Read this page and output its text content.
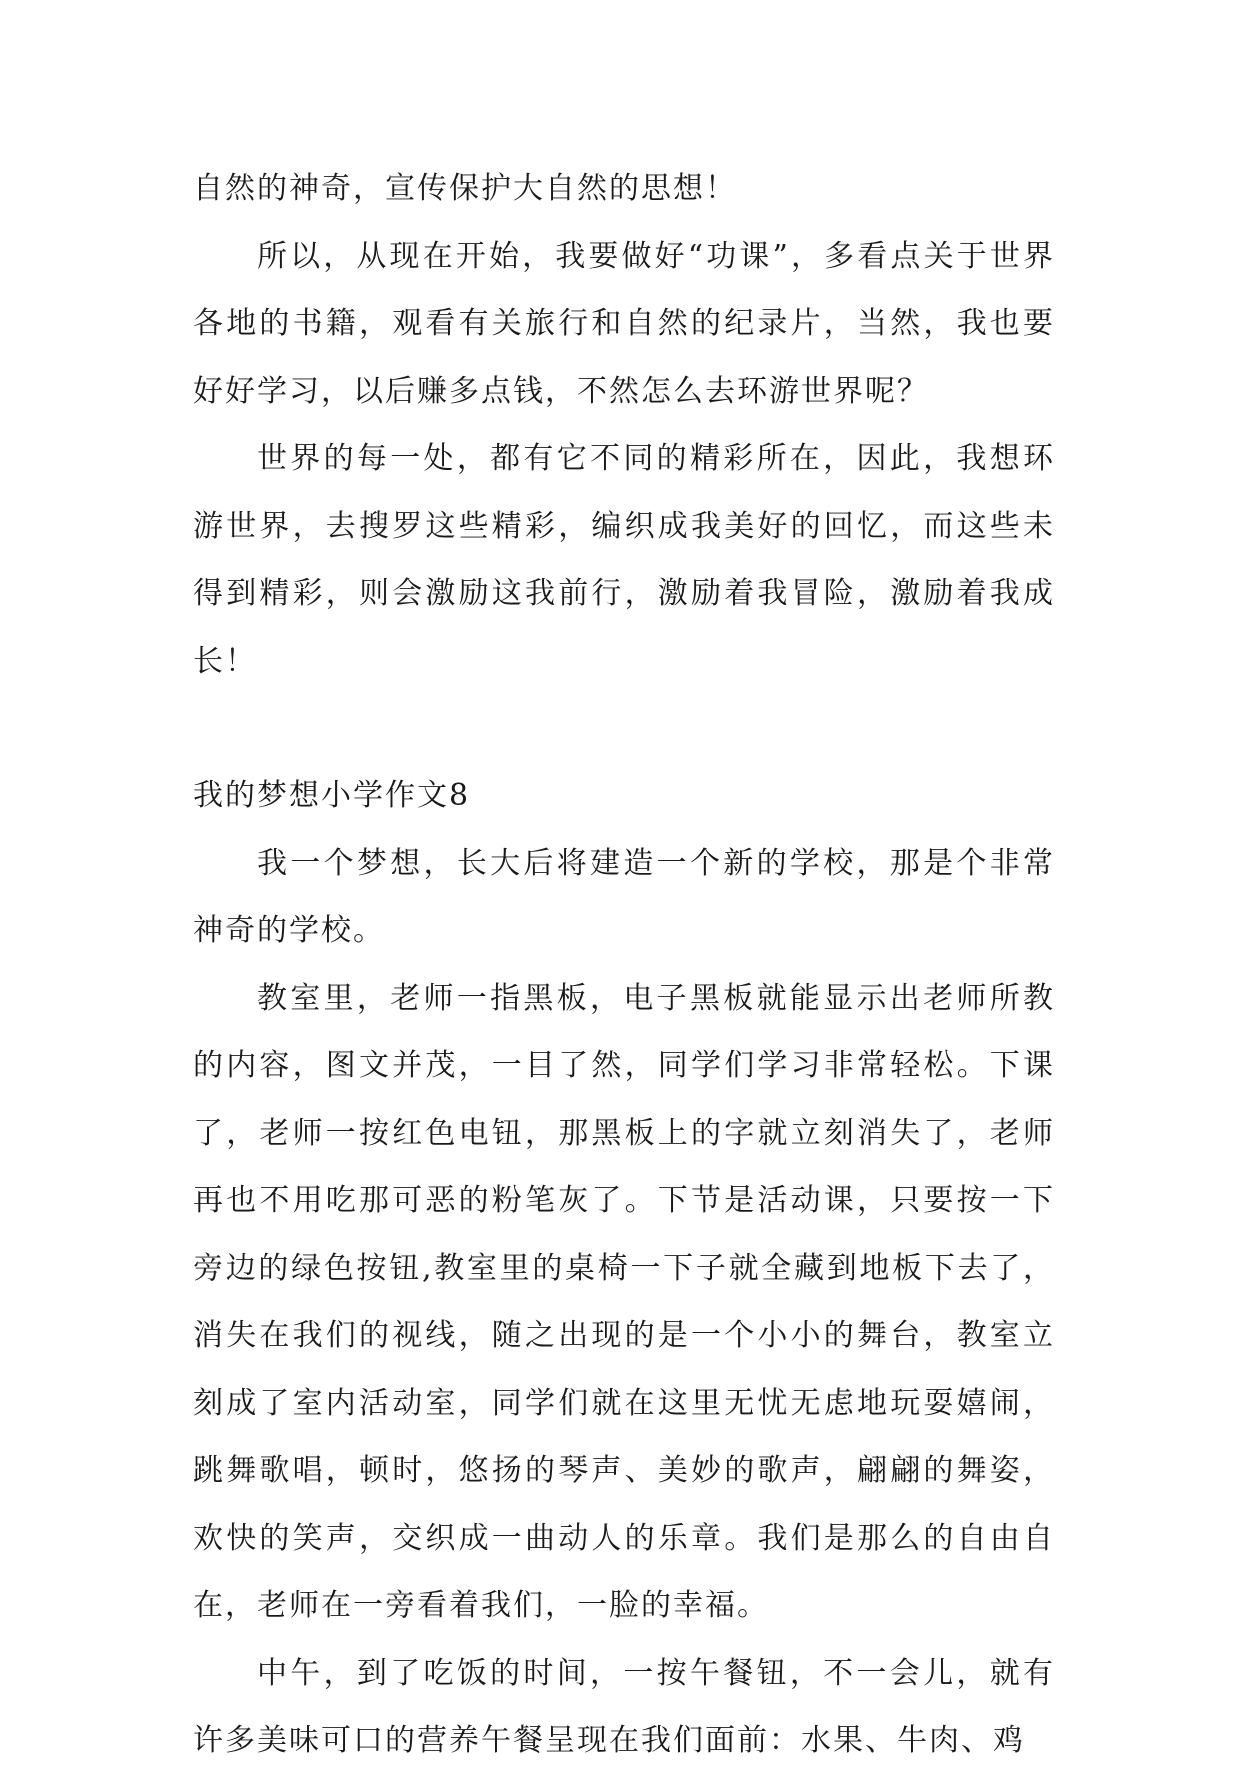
自然的神奇，宣传保护大自然的思想！

所以，从现在开始，我要做好“功课”，多看点关于世界各地的书籍，观看有关旅行和自然的纪录片，当然，我也要好好学习，以后赚多点钱，不然怎么去环游世界呢？

世界的每一处，都有它不同的精彩所在，因此，我想环游世界，去搜罗这些精彩，编织成我美好的回忆，而这些未得到精彩，则会激励这我前行，激励着我冒险，激励着我成长！

我的梦想小学作文8

我一个梦想，长大后将建造一个新的学校，那是个非常神奇的学校。

教室里，老师一指黑板，电子黑板就能显示出老师所教的内容，图文并茂，一目了然，同学们学习非常轻松。下课了，老师一按红色电钮，那黑板上的字就立刻消失了，老师再也不用吃那可恶的粉笔灰了。下节是活动课，只要按一下旁边的绿色按钮,教室里的桌椅一下子就全藏到地板下去了，消失在我们的视线，随之出现的是一个小小的舞台，教室立刻成了室内活动室，同学们就在这里无忧无虑地玩耍嬉闹，跳舞歌唱，顿时，悠扬的琴声、美妙的歌声，翩翩的舞姿，欢快的笑声，交织成一曲动人的乐章。我们是那么的自由自在，老师在一旁看着我们，一脸的幸福。

中午，到了吃饭的时间，一按午餐钮，不一会儿，就有许多美味可口的营养午餐呈现在我们面前：水果、牛肉、鸡
